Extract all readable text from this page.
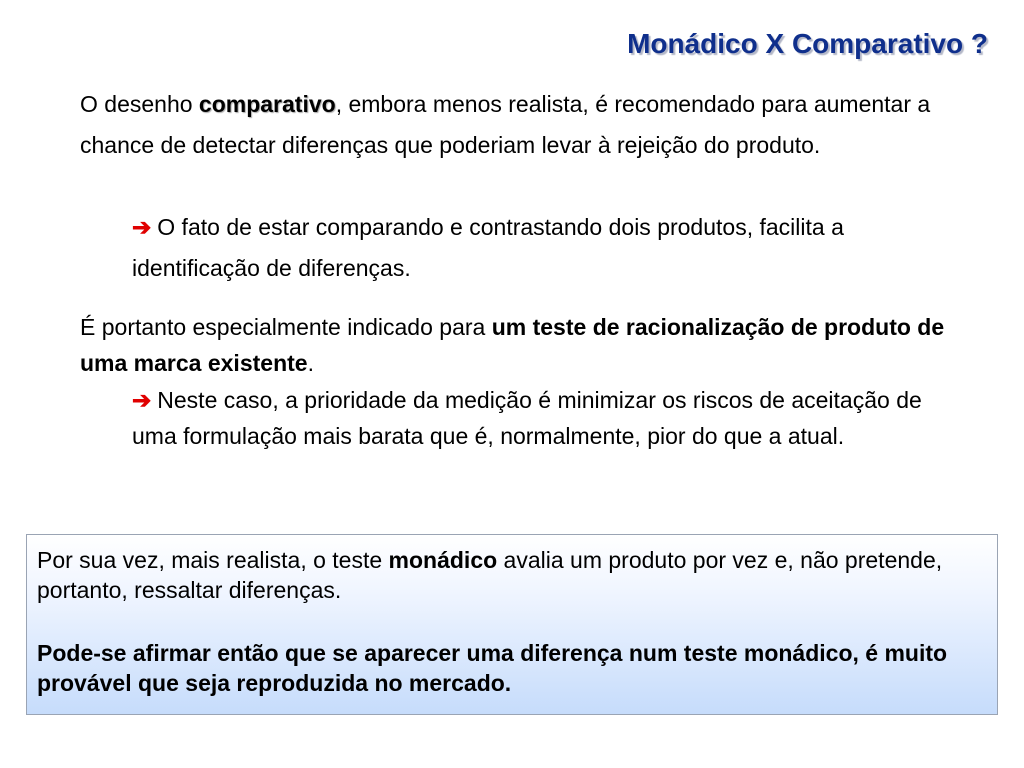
Monádico X Comparativo ?
O desenho comparativo, embora menos realista, é recomendado para aumentar a chance de detectar diferenças que poderiam levar à rejeição do produto.
➔ O fato de estar comparando e contrastando dois produtos, facilita a identificação de diferenças.
É portanto especialmente indicado para um teste de racionalização de produto de uma marca existente.
➔ Neste caso, a prioridade da medição é minimizar os riscos de aceitação de uma formulação mais barata que é, normalmente, pior do que a atual.

Por sua vez, mais realista, o teste monádico avalia um produto por vez e, não pretende, portanto, ressaltar diferenças.

Pode-se afirmar então que se aparecer uma diferença num teste monádico, é muito provável que seja reproduzida no mercado.
